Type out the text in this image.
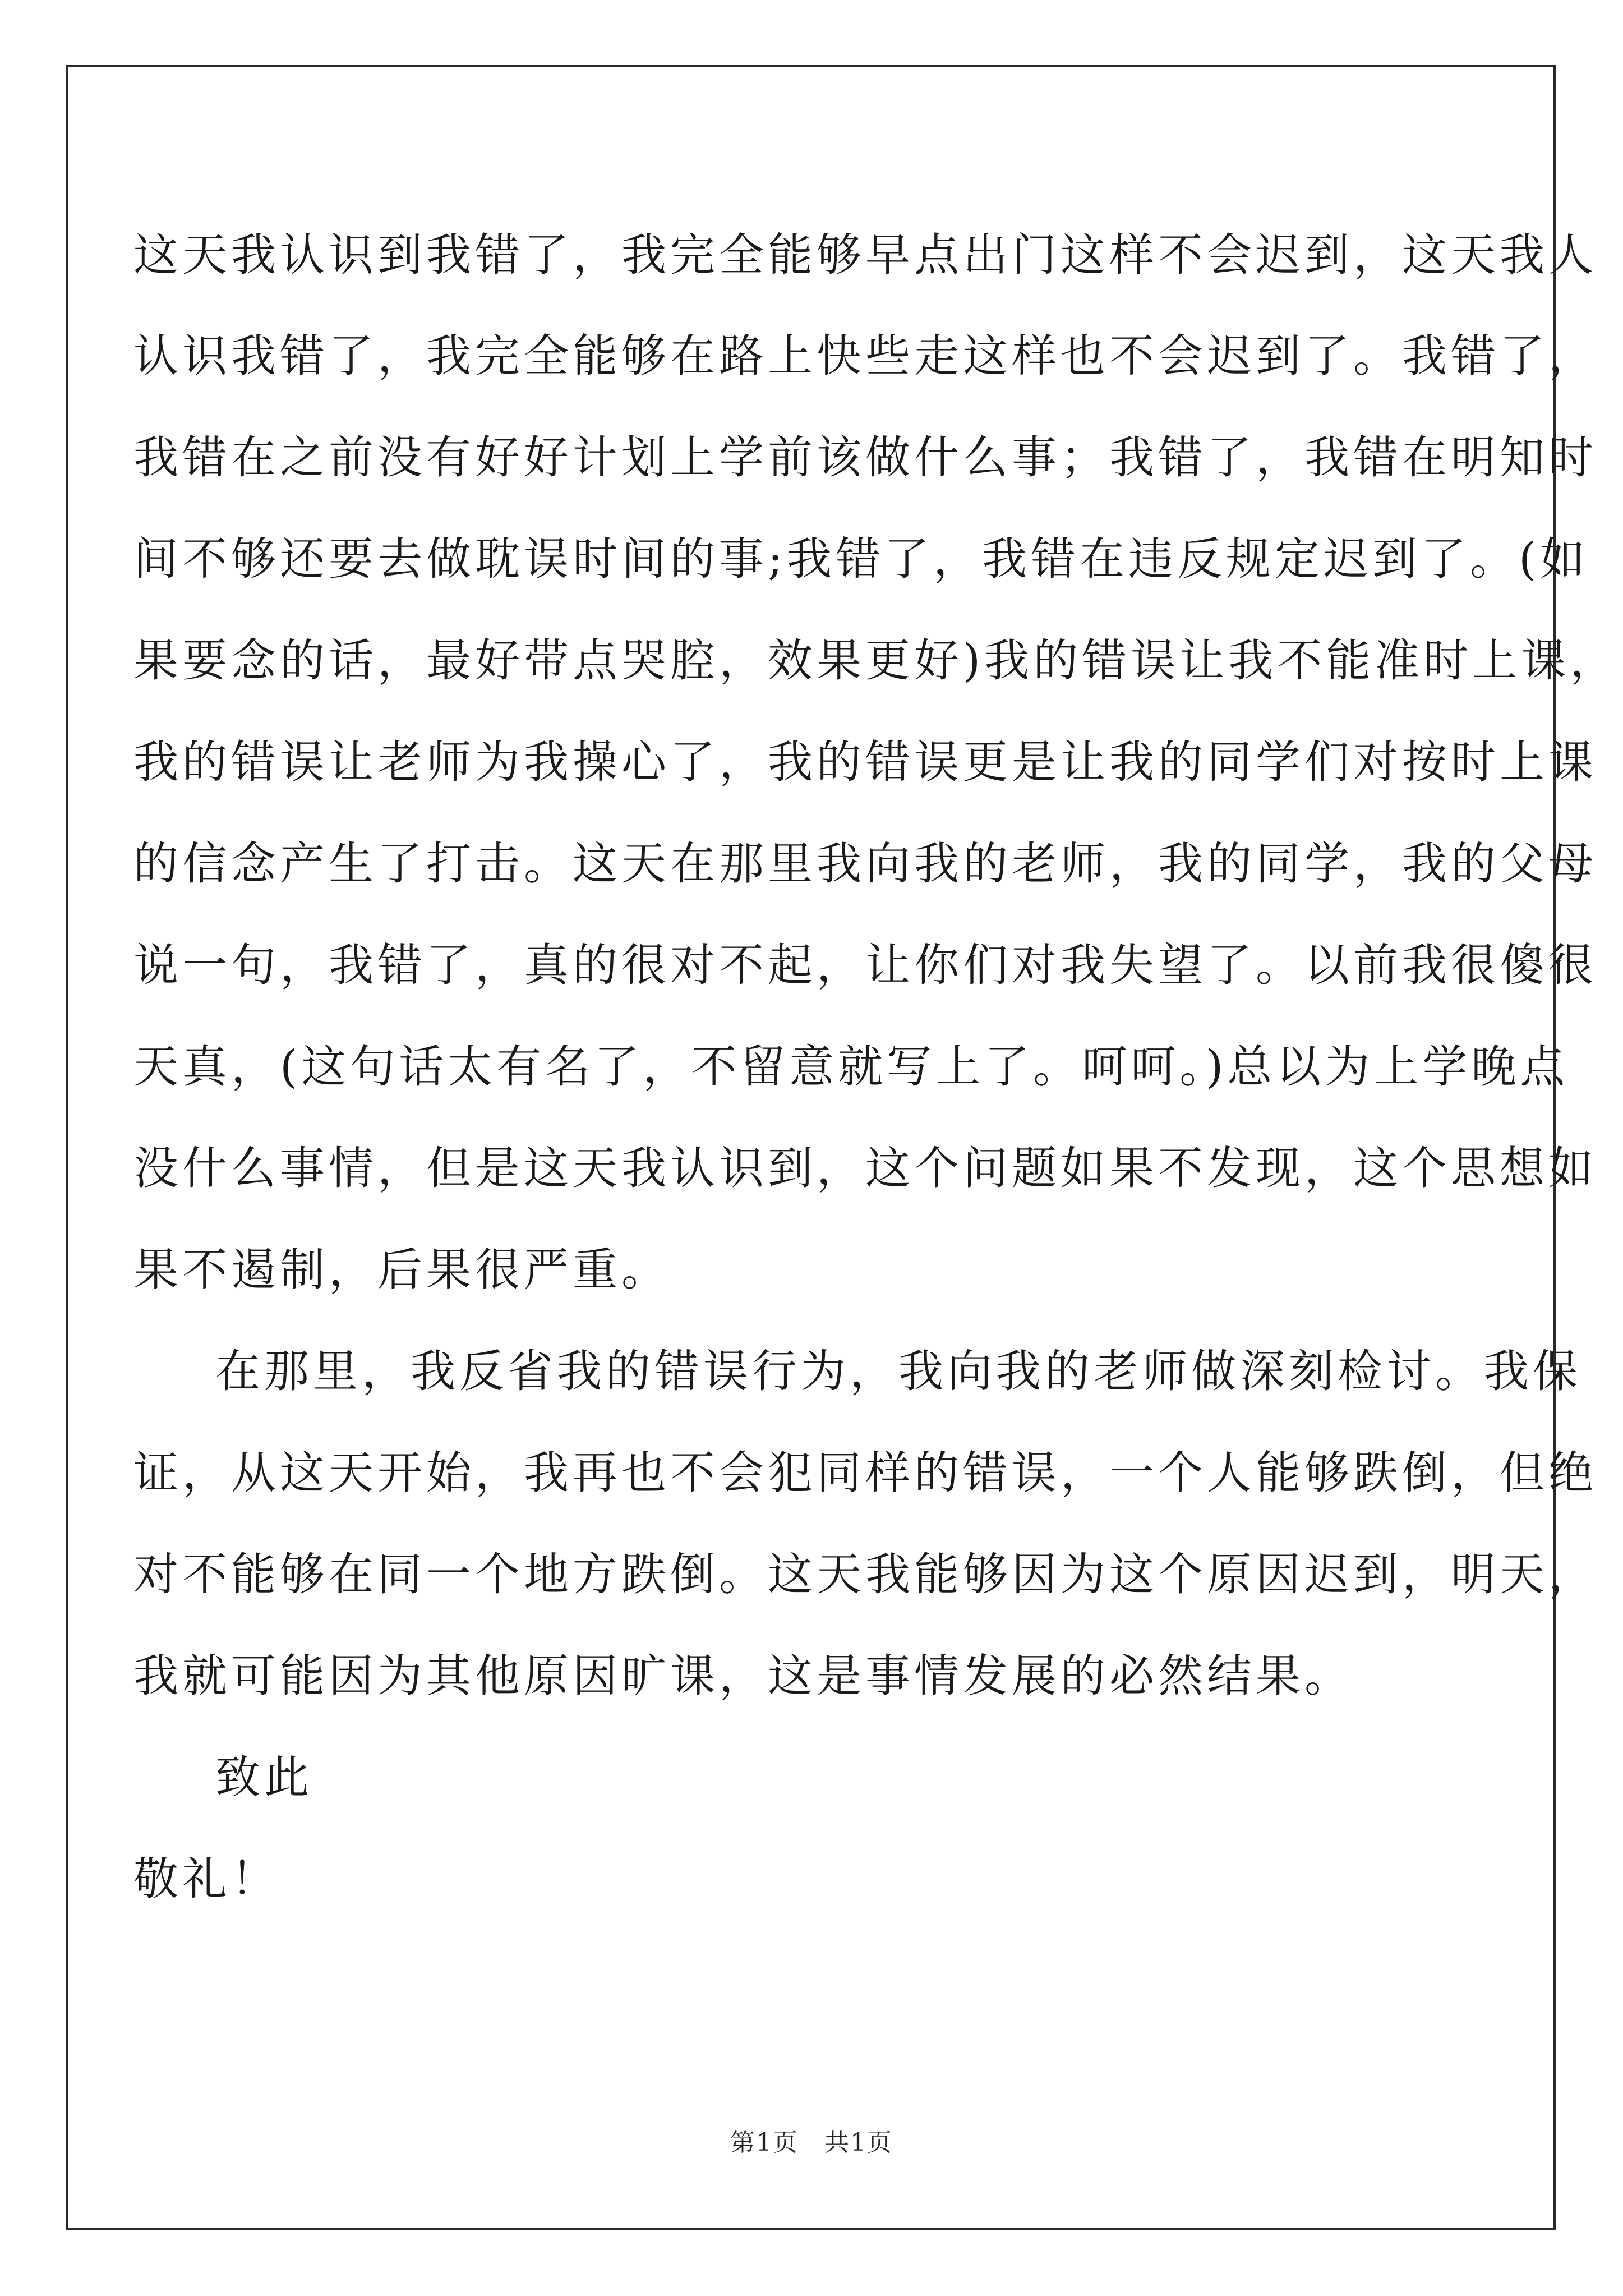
这天我认识到我错了，我完全能够早点出门这样不会迟到，这天我人
认识我错了，我完全能够在路上快些走这样也不会迟到了。我错了，
我错在之前没有好好计划上学前该做什么事；我错了，我错在明知时
间不够还要去做耽误时间的事;我错了，我错在违反规定迟到了。(如
果要念的话，最好带点哭腔，效果更好)我的错误让我不能准时上课，
我的错误让老师为我操心了，我的错误更是让我的同学们对按时上课
的信念产生了打击。这天在那里我向我的老师，我的同学，我的父母
说一句，我错了，真的很对不起，让你们对我失望了。以前我很傻很
天真，(这句话太有名了，不留意就写上了。呵呵。)总以为上学晚点
没什么事情，但是这天我认识到，这个问题如果不发现，这个思想如
果不遏制，后果很严重。
在那里，我反省我的错误行为，我向我的老师做深刻检讨。我保
证，从这天开始，我再也不会犯同样的错误，一个人能够跌倒，但绝
对不能够在同一个地方跌倒。这天我能够因为这个原因迟到，明天，
我就可能因为其他原因旷课，这是事情发展的必然结果。
致此
敬礼！
第1页　共1页
